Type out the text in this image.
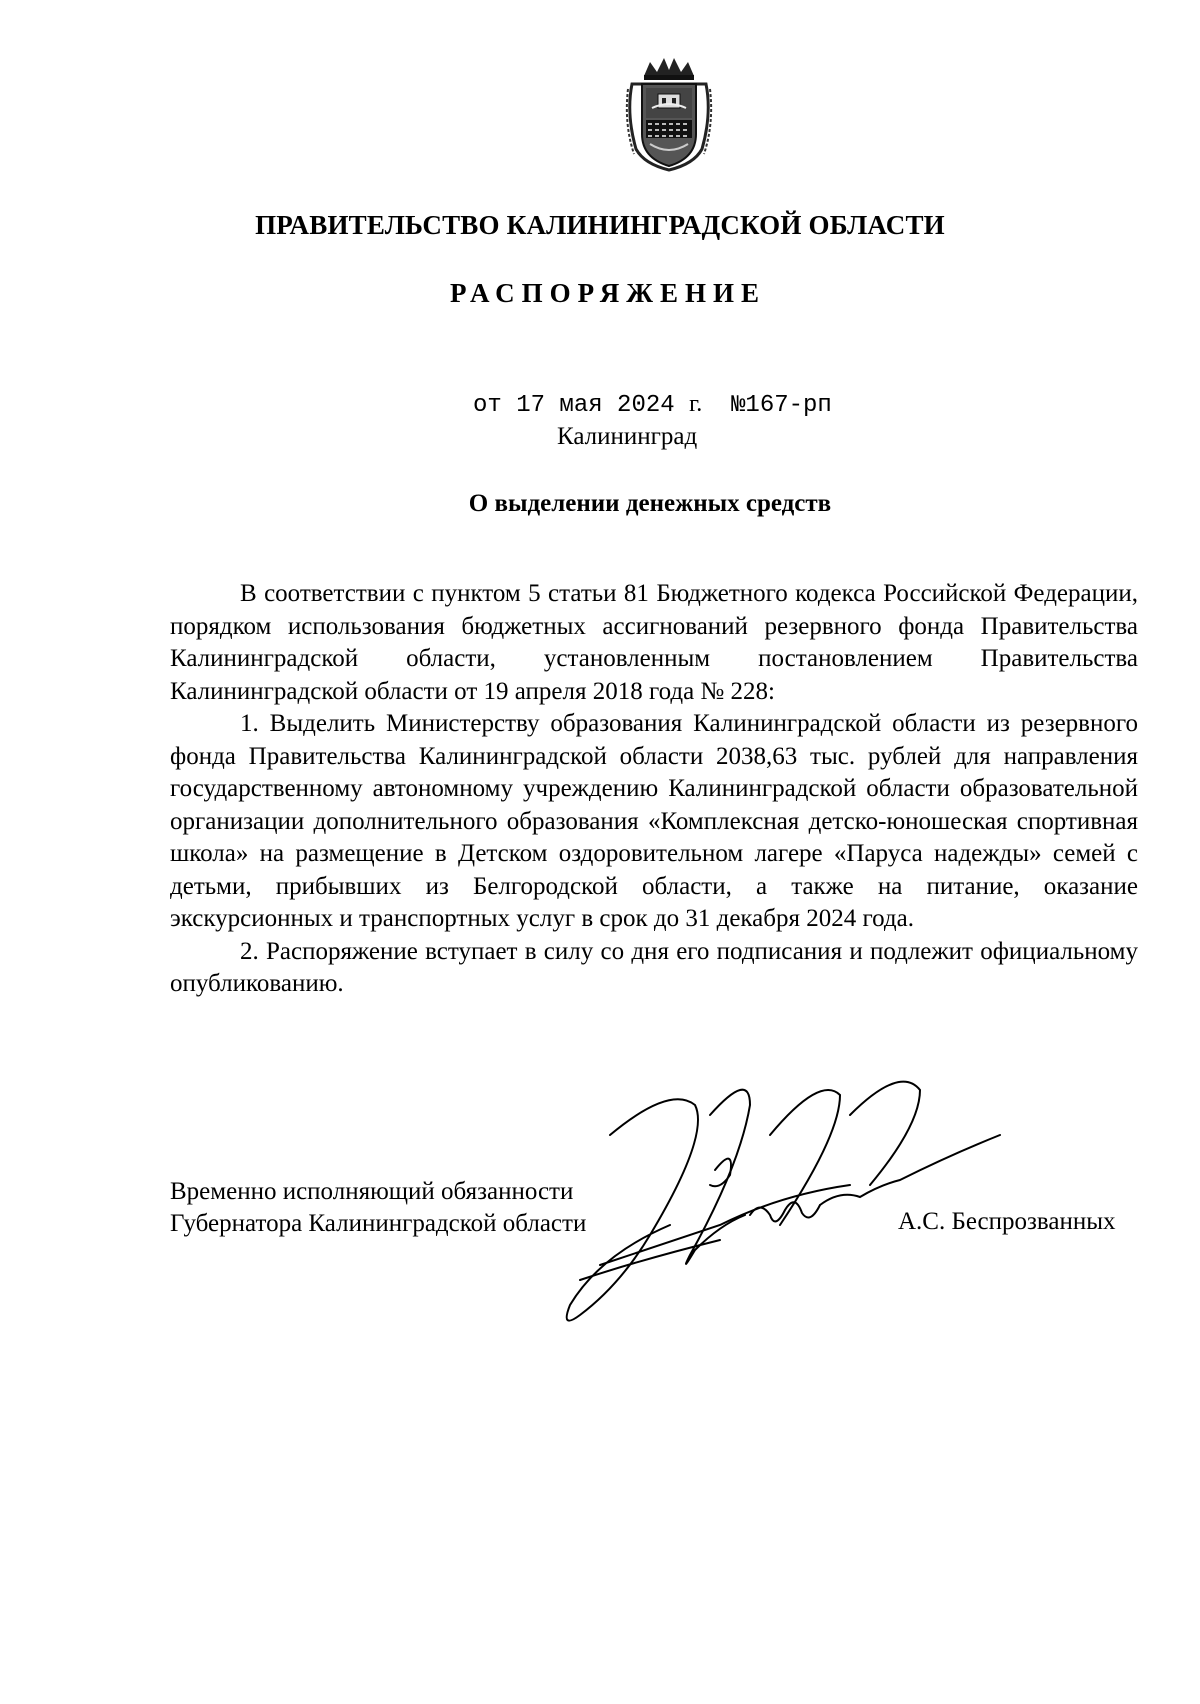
ПРАВИТЕЛЬСТВО КАЛИНИНГРАДСКОЙ ОБЛАСТИ
РАСПОРЯЖЕНИЕ
от 17 мая 2024 г. №167-рп
Калининград
О выделении денежных средств

В соответствии с пунктом 5 статьи 81 Бюджетного кодекса Российской Федерации, порядком использования бюджетных ассигнований резервного фонда Правительства Калининградской области, установленным постановлением Правительства Калининградской области от 19 апреля 2018 года № 228:

1. Выделить Министерству образования Калининградской области из резервного фонда Правительства Калининградской области 2038,63 тыс. рублей для направления государственному автономному учреждению Калининградской области образовательной организации дополнительного образования «Комплексная детско-юношеская спортивная школа» на размещение в Детском оздоровительном лагере «Паруса надежды» семей с детьми, прибывших из Белгородской области, а также на питание, оказание экскурсионных и транспортных услуг в срок до 31 декабря 2024 года.

2. Распоряжение вступает в силу со дня его подписания и подлежит официальному опубликованию.

Временно исполняющий обязанности
Губернатора Калининградской области	А.С. Беспрозванных
